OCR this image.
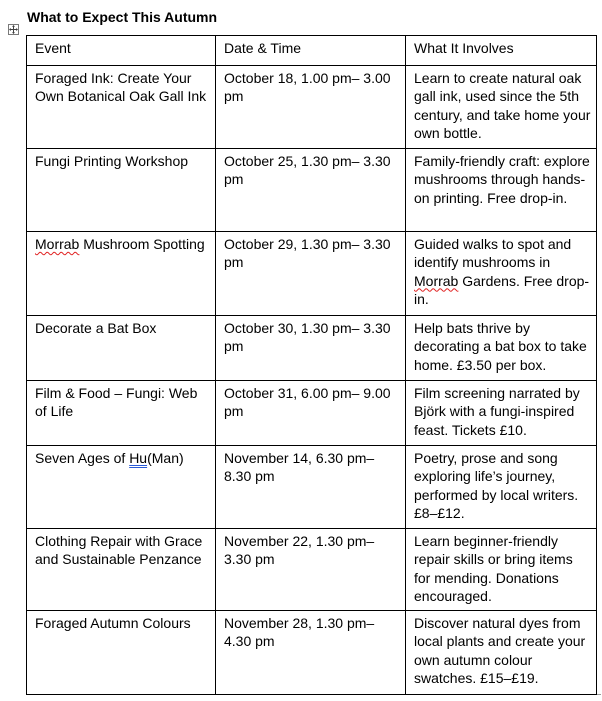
What to Expect This Autumn
Event	Date & Time	What It Involves
Foraged Ink: Create Your Own Botanical Oak Gall Ink	October 18, 1.00 pm– 3.00 pm	Learn to create natural oak gall ink, used since the 5th century, and take home your own bottle.
Fungi Printing Workshop	October 25, 1.30 pm– 3.30 pm	Family-friendly craft: explore mushrooms through hands-on printing. Free drop-in.
Morrab Mushroom Spotting	October 29, 1.30 pm– 3.30 pm	Guided walks to spot and identify mushrooms in Morrab Gardens. Free drop-in.
Decorate a Bat Box	October 30, 1.30 pm– 3.30 pm	Help bats thrive by decorating a bat box to take home. £3.50 per box.
Film & Food – Fungi: Web of Life	October 31, 6.00 pm– 9.00 pm	Film screening narrated by Björk with a fungi-inspired feast. Tickets £10.
Seven Ages of Hu(Man)	November 14, 6.30 pm– 8.30 pm	Poetry, prose and song exploring life’s journey, performed by local writers. £8–£12.
Clothing Repair with Grace and Sustainable Penzance	November 22, 1.30 pm– 3.30 pm	Learn beginner-friendly repair skills or bring items for mending. Donations encouraged.
Foraged Autumn Colours	November 28, 1.30 pm– 4.30 pm	Discover natural dyes from local plants and create your own autumn colour swatches. £15–£19.
